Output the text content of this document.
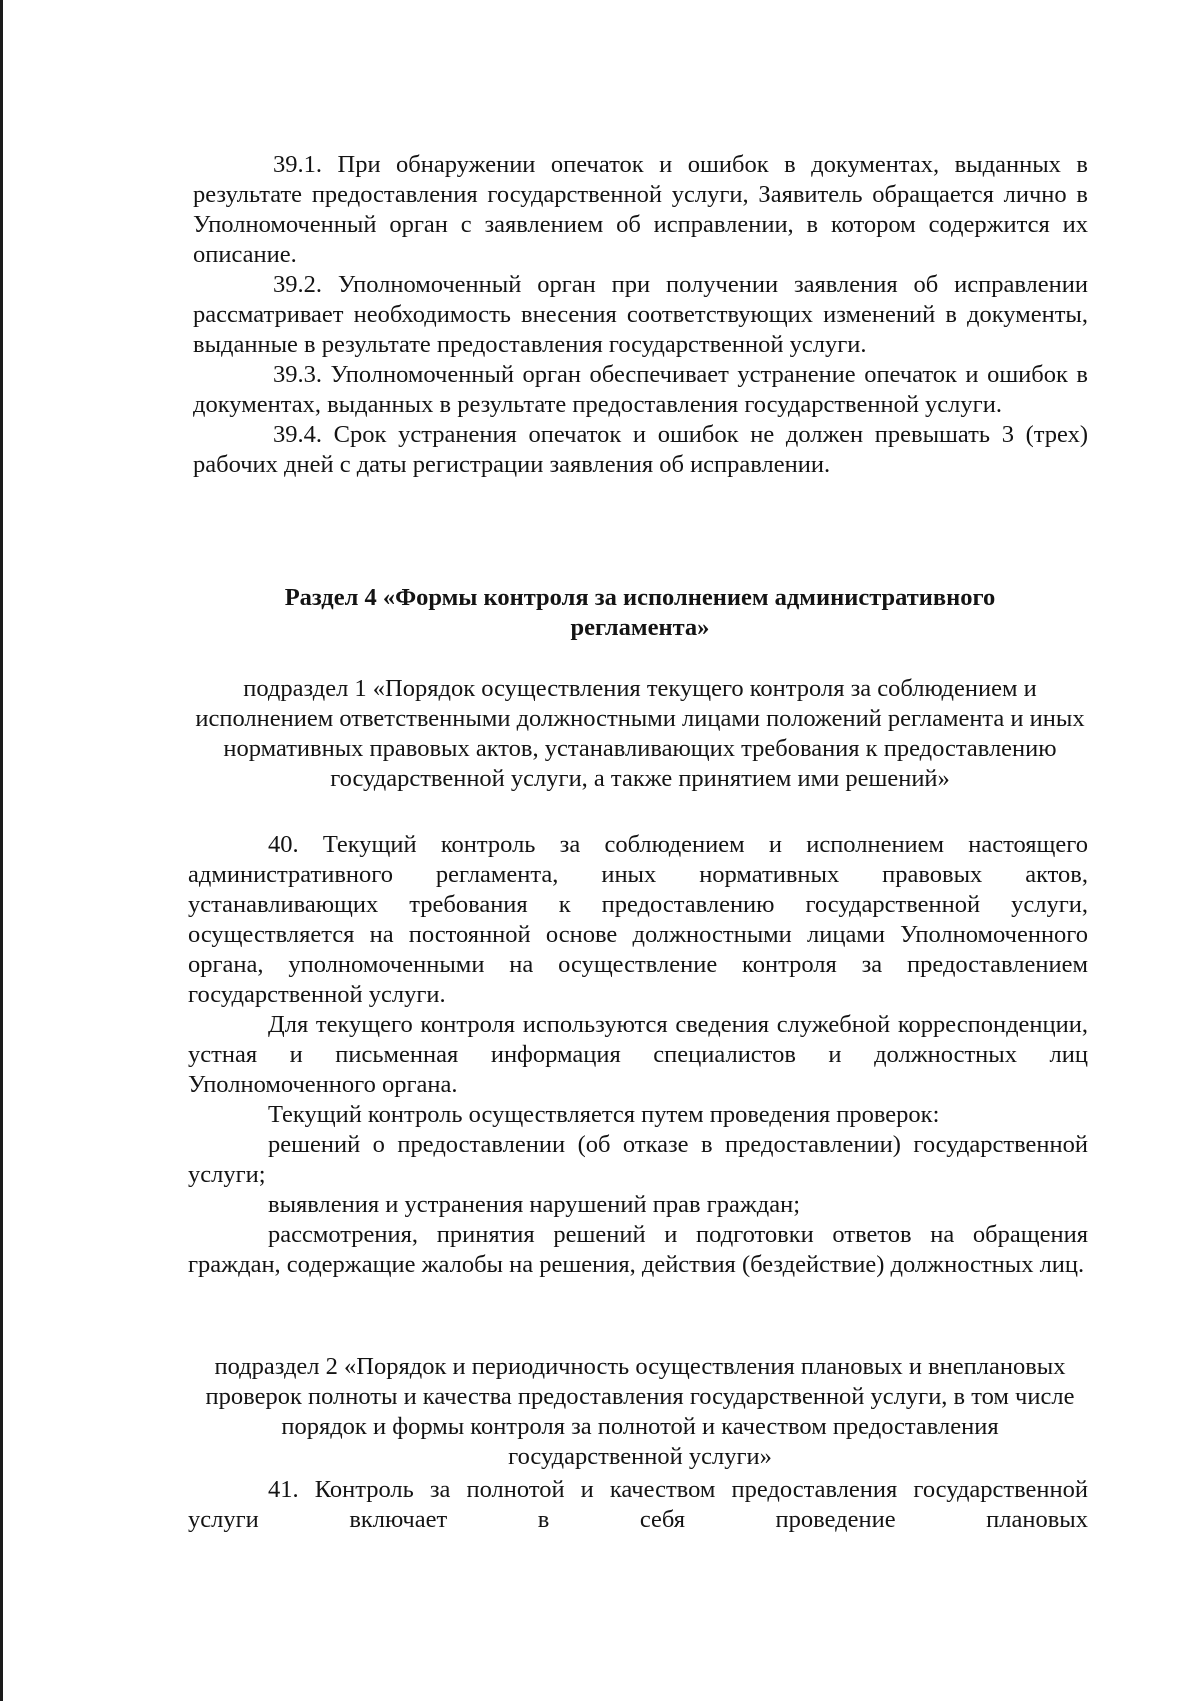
39.1. При обнаружении опечаток и ошибок в документах, выданных в результате предоставления государственной услуги, Заявитель обращается лично в Уполномоченный орган с заявлением об исправлении, в котором содержится их описание.

39.2. Уполномоченный орган при получении заявления об исправлении рассматривает необходимость внесения соответствующих изменений в документы, выданные в результате предоставления государственной услуги.

39.3. Уполномоченный орган обеспечивает устранение опечаток и ошибок в документах, выданных в результате предоставления государственной услуги.

39.4. Срок устранения опечаток и ошибок не должен превышать 3 (трех) рабочих дней с даты регистрации заявления об исправлении.

Раздел 4 «Формы контроля за исполнением административного регламента»

подраздел 1 «Порядок осуществления текущего контроля за соблюдением и исполнением ответственными должностными лицами положений регламента и иных нормативных правовых актов, устанавливающих требования к предоставлению государственной услуги, а также принятием ими решений»

40. Текущий контроль за соблюдением и исполнением настоящего административного регламента, иных нормативных правовых актов, устанавливающих требования к предоставлению государственной услуги, осуществляется на постоянной основе должностными лицами Уполномоченного органа, уполномоченными на осуществление контроля за предоставлением государственной услуги.

Для текущего контроля используются сведения служебной корреспонденции, устная и письменная информация специалистов и должностных лиц Уполномоченного органа.

Текущий контроль осуществляется путем проведения проверок:

решений о предоставлении (об отказе в предоставлении) государственной услуги;

выявления и устранения нарушений прав граждан;

рассмотрения, принятия решений и подготовки ответов на обращения граждан, содержащие жалобы на решения, действия (бездействие) должностных лиц.

подраздел 2 «Порядок и периодичность осуществления плановых и внеплановых проверок полноты и качества предоставления государственной услуги, в том числе порядок и формы контроля за полнотой и качеством предоставления государственной услуги»

41. Контроль за полнотой и качеством предоставления государственной услуги включает в себя проведение плановых
